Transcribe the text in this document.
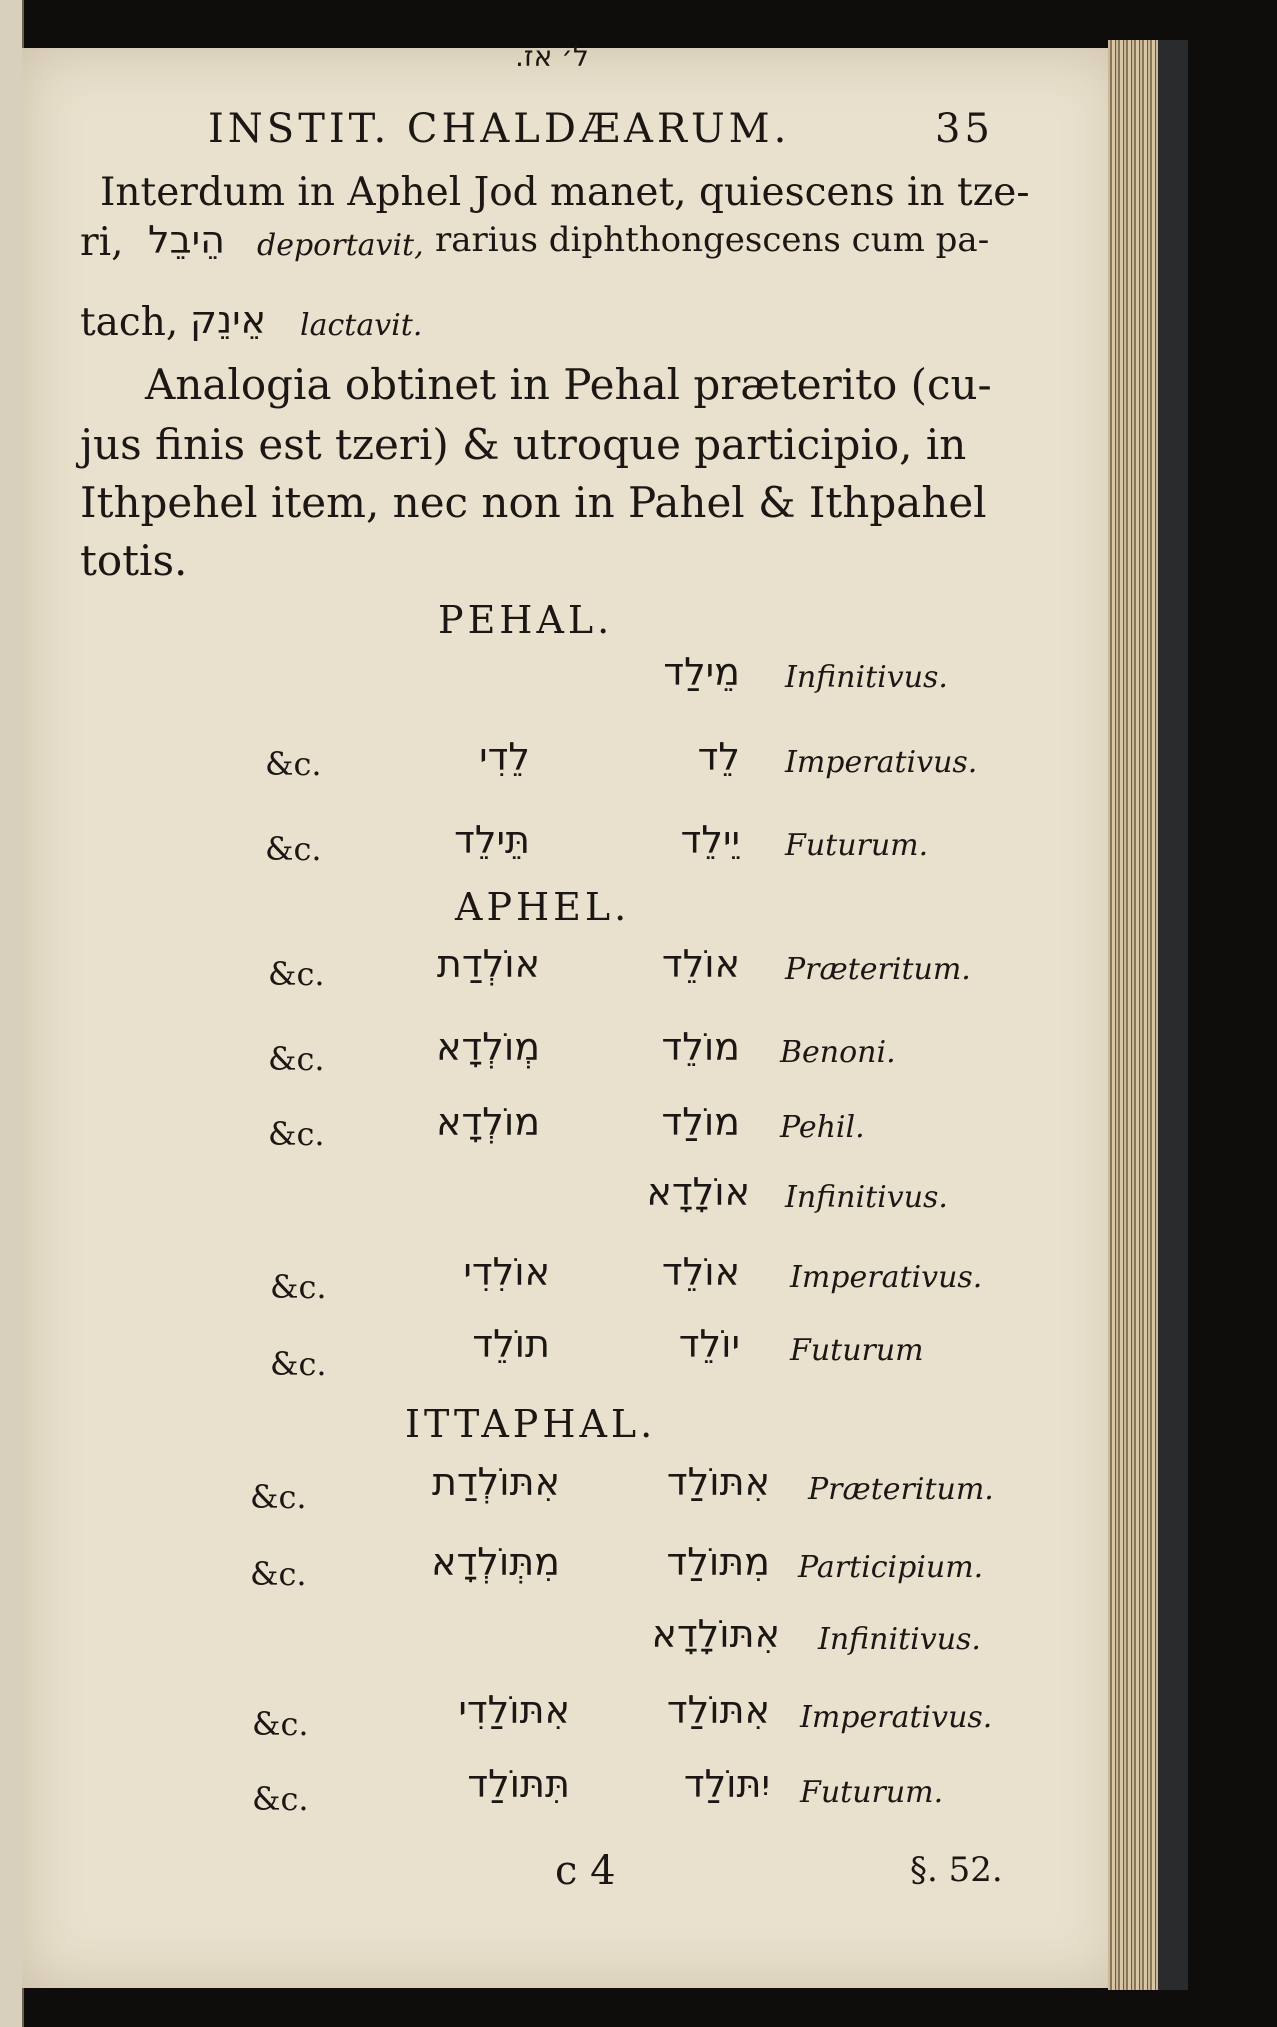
ל׳ אז.
INSTIT. CHALDÆARUM.	35
Interdum in Aphel Jod manet, quiescens in tze-
ri, הֵיבֵל deportavit, rarius diphthongescens cum pa-
tach, אֵינֵק lactavit.
Analogia obtinet in Pehal præterito (cu-
jus finis est tzeri) & utroque participio, in
Ithpehel item, nec non in Pahel & Ithpahel
totis.
PEHAL.
מֵילַד Infinitivus.
&c.	לֵדִי	לֵד Imperativus.
&c.	תֵּילֵד	יֵילֵד Futurum.
APHEL.
&c.	אוֹלְדַת	אוֹלֵד Præteritum.
&c.	מְוֹלְדָא	מוֹלֵד Benoni.
&c.	מוֹלְדָא	מוֹלַד Pehil.
אוֹלָדָא Infinitivus.
&c.	אוֹלִדִי	אוֹלֵד Imperativus.
&c.	תוֹלֵד	יוֹלֵד Futurum
ITTAPHAL.
&c.	אִתּוֹלְדַת	אִתּוֹלַד Præteritum.
&c.	מִתְּוֹלְדָא	מִתּוֹלַד Participium.
אִתּוֹלָדָא Infinitivus.
&c.	אִתּוֹלַדִי	אִתּוֹלַד Imperativus.
&c.	תִּתּוֹלַד	יִתּוֹלַד Futurum.
c 4	§. 52.
